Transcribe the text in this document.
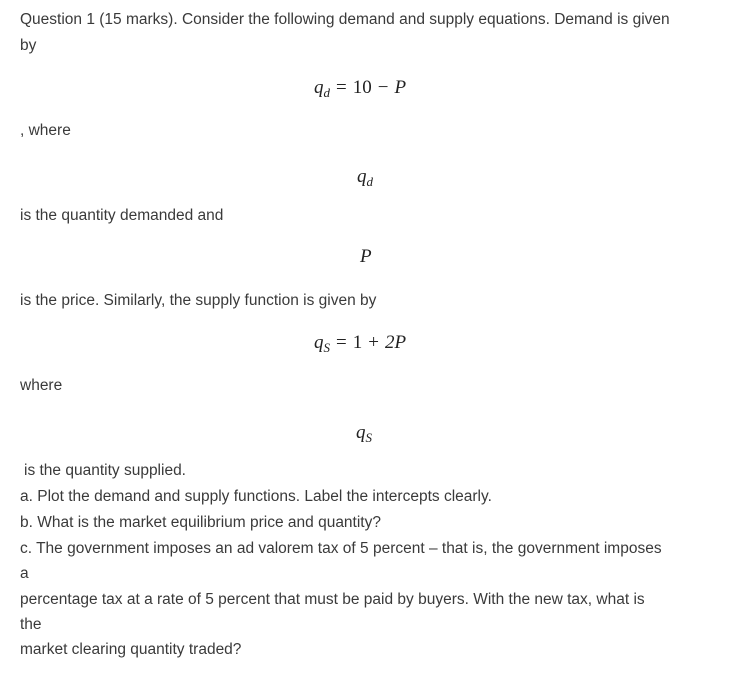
Question 1 (15 marks). Consider the following demand and supply equations. Demand is given
by
$q_d = 10 - P$
, where
$q_d$
is the quantity demanded and
P
is the price. Similarly, the supply function is given by
$q_S = 1 + 2P$
where
$q_S$
is the quantity supplied.
a. Plot the demand and supply functions. Label the intercepts clearly.
b. What is the market equilibrium price and quantity?
c. The government imposes an ad valorem tax of 5 percent – that is, the government imposes
a
percentage tax at a rate of 5 percent that must be paid by buyers. With the new tax, what is
the
market clearing quantity traded?
